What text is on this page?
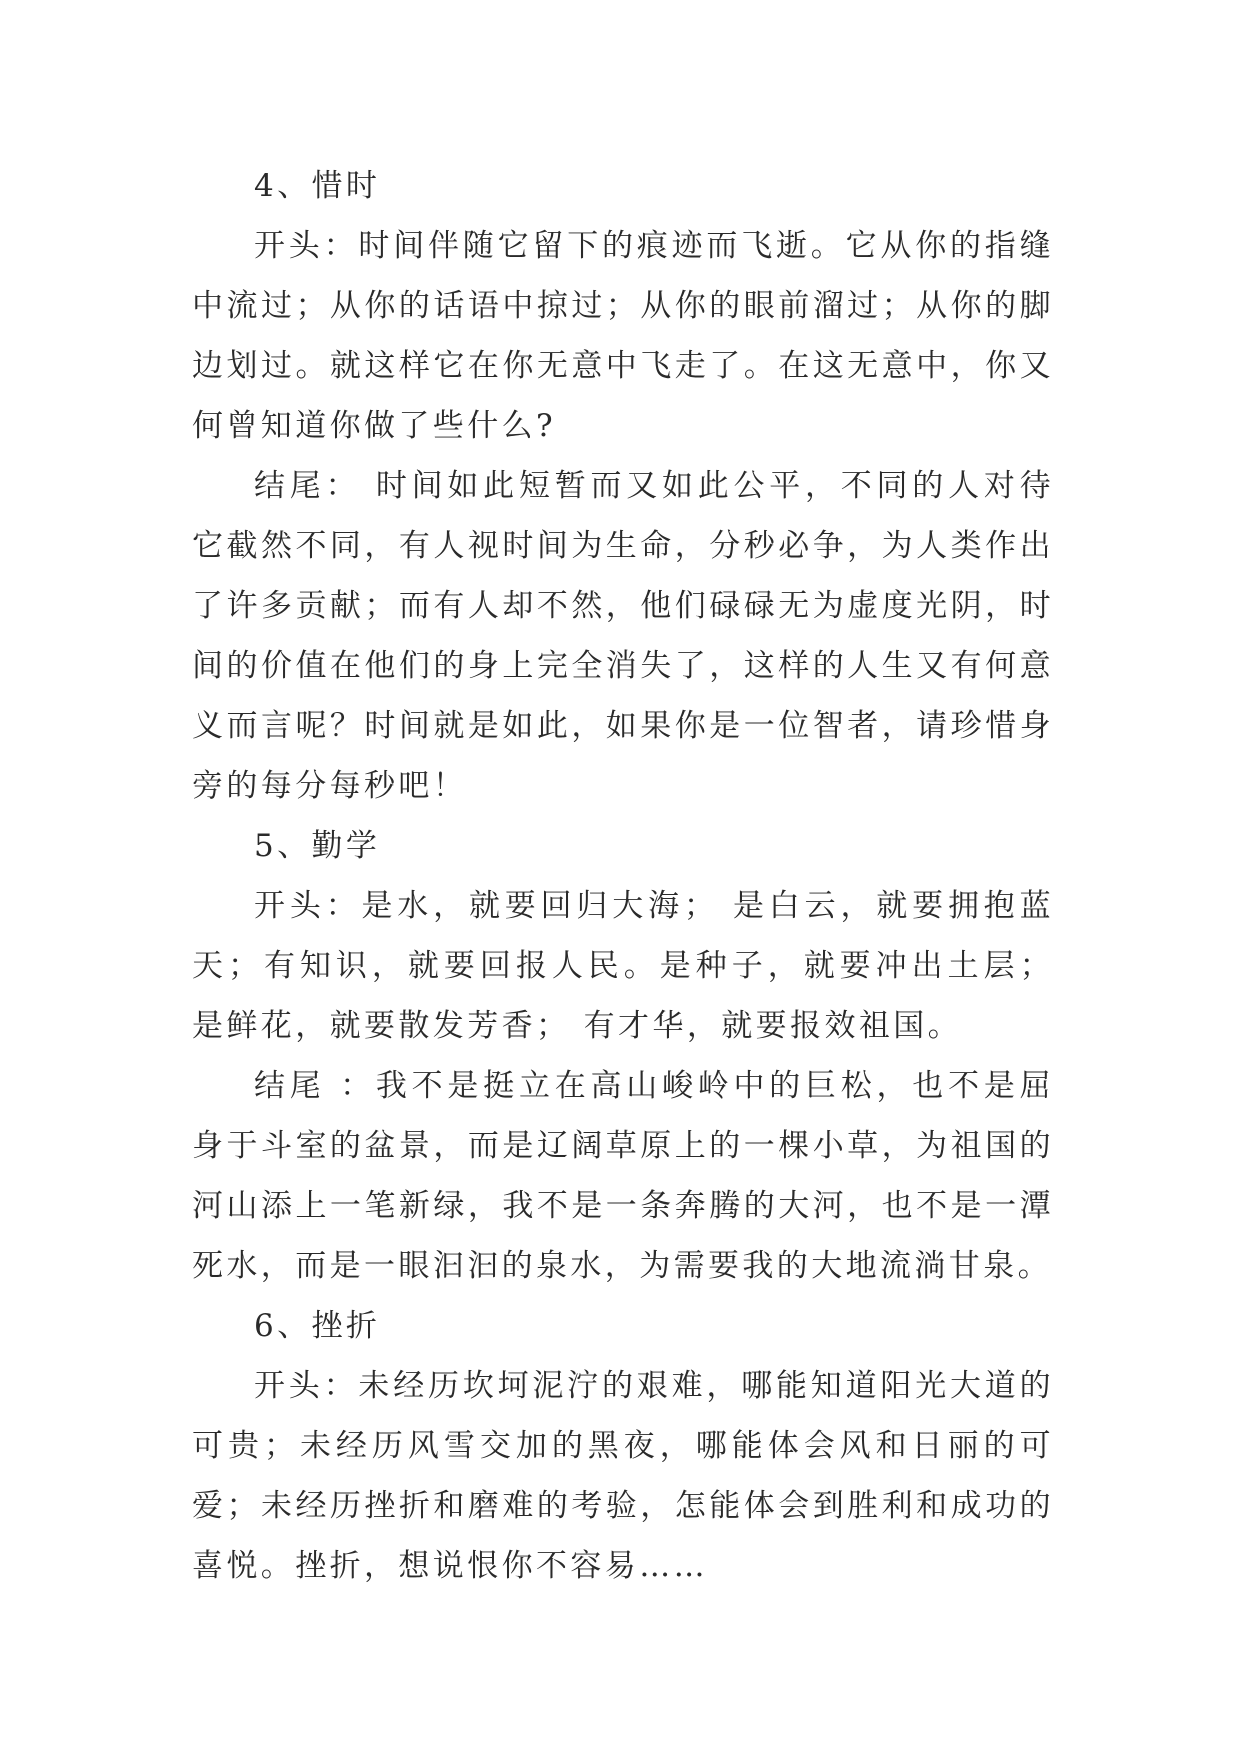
4、惜时

开头：时间伴随它留下的痕迹而飞逝。它从你的指缝中流过；从你的话语中掠过；从你的眼前溜过；从你的脚边划过。就这样它在你无意中飞走了。在这无意中，你又何曾知道你做了些什么?

结尾： 时间如此短暂而又如此公平，不同的人对待它截然不同，有人视时间为生命，分秒必争，为人类作出了许多贡献；而有人却不然，他们碌碌无为虚度光阴，时间的价值在他们的身上完全消失了，这样的人生又有何意义而言呢？时间就是如此，如果你是一位智者，请珍惜身旁的每分每秒吧！

5、勤学

开头：是水，就要回归大海； 是白云，就要拥抱蓝天；有知识，就要回报人民。是种子，就要冲出土层； 是鲜花，就要散发芳香； 有才华，就要报效祖国。

结尾 ：我不是挺立在高山峻岭中的巨松，也不是屈身于斗室的盆景，而是辽阔草原上的一棵小草，为祖国的河山添上一笔新绿，我不是一条奔腾的大河，也不是一潭死水，而是一眼汩汩的泉水，为需要我的大地流淌甘泉。

6、挫折

开头：未经历坎坷泥泞的艰难，哪能知道阳光大道的可贵；未经历风雪交加的黑夜，哪能体会风和日丽的可爱；未经历挫折和磨难的考验，怎能体会到胜利和成功的喜悦。挫折，想说恨你不容易……
